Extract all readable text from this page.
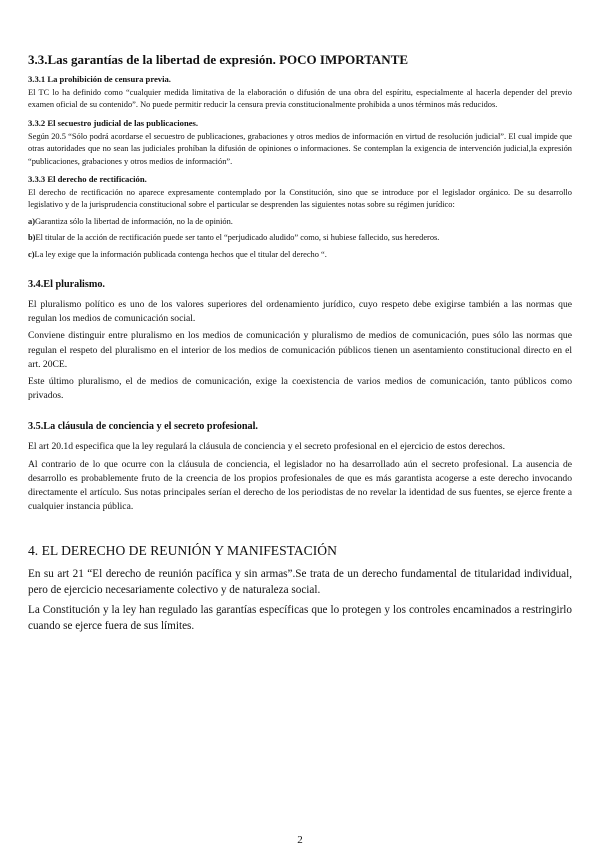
3.3.Las garantías de la libertad de expresión. POCO IMPORTANTE
3.3.1 La prohibición de censura previa.

El TC lo ha definido como “cualquier medida limitativa de la elaboración o difusión de una obra del espíritu, especialmente al hacerla depender del previo examen oficial de su contenido”. No puede permitir reducir la censura previa constitucionalmente prohibida a unos términos más reducidos.

3.3.2 El secuestro judicial de las publicaciones.

Según 20.5 “Sólo podrá acordarse el secuestro de publicaciones, grabaciones y otros medios de información en virtud de resolución judicial”. El cual impide que otras autoridades que no sean las judiciales prohíban la difusión de opiniones o informaciones. Se contemplan la exigencia de intervención judicial,la expresión “publicaciones, grabaciones y otros medios de información”.

3.3.3 El derecho de rectificación.

El derecho de rectificación no aparece expresamente contemplado por la Constitución, sino que se introduce por el legislador orgánico. De su desarrollo legislativo y de la jurisprudencia constitucional sobre el particular se desprenden las siguientes notas sobre su régimen jurídico:

a)Garantiza sólo la libertad de información, no la de opinión.

b)El titular de la acción de rectificación puede ser tanto el “perjudicado aludido” como, si hubiese fallecido, sus herederos.

c)La ley exige que la información publicada contenga hechos que el titular del derecho “.

3.4.El pluralismo.

El pluralismo político es uno de los valores superiores del ordenamiento jurídico, cuyo respeto debe exigirse también a las normas que regulan los medios de comunicación social.

Conviene distinguir entre pluralismo en los medios de comunicación y pluralismo de medios de comunicación, pues sólo las normas que regulan el respeto del pluralismo en el interior de los medios de comunicación públicos tienen un asentamiento constitucional directo en el art. 20CE.

Este último pluralismo, el de medios de comunicación, exige la coexistencia de varios medios de comunicación, tanto públicos como privados.

3.5.La cláusula de conciencia y el secreto profesional.

El art 20.1d especifica que la ley regulará la cláusula de conciencia y el secreto profesional en el ejercicio de estos derechos.

Al contrario de lo que ocurre con la cláusula de conciencia, el legislador no ha desarrollado aún el secreto profesional. La ausencia de desarrollo es probablemente fruto de la creencia de los propios profesionales de que es más garantista acogerse a este derecho invocando directamente el artículo. Sus notas principales serían el derecho de los periodistas de no revelar la identidad de sus fuentes, se ejerce frente a cualquier instancia pública.

4. EL DERECHO DE REUNIÓN Y MANIFESTACIÓN

En su art 21 “El derecho de reunión pacífica y sin armas”.Se trata de un derecho fundamental de titularidad individual, pero de ejercicio necesariamente colectivo y de naturaleza social.

La Constitución y la ley han regulado las garantías específicas que lo protegen y los controles encaminados a restringirlo cuando se ejerce fuera de sus límites.

2
